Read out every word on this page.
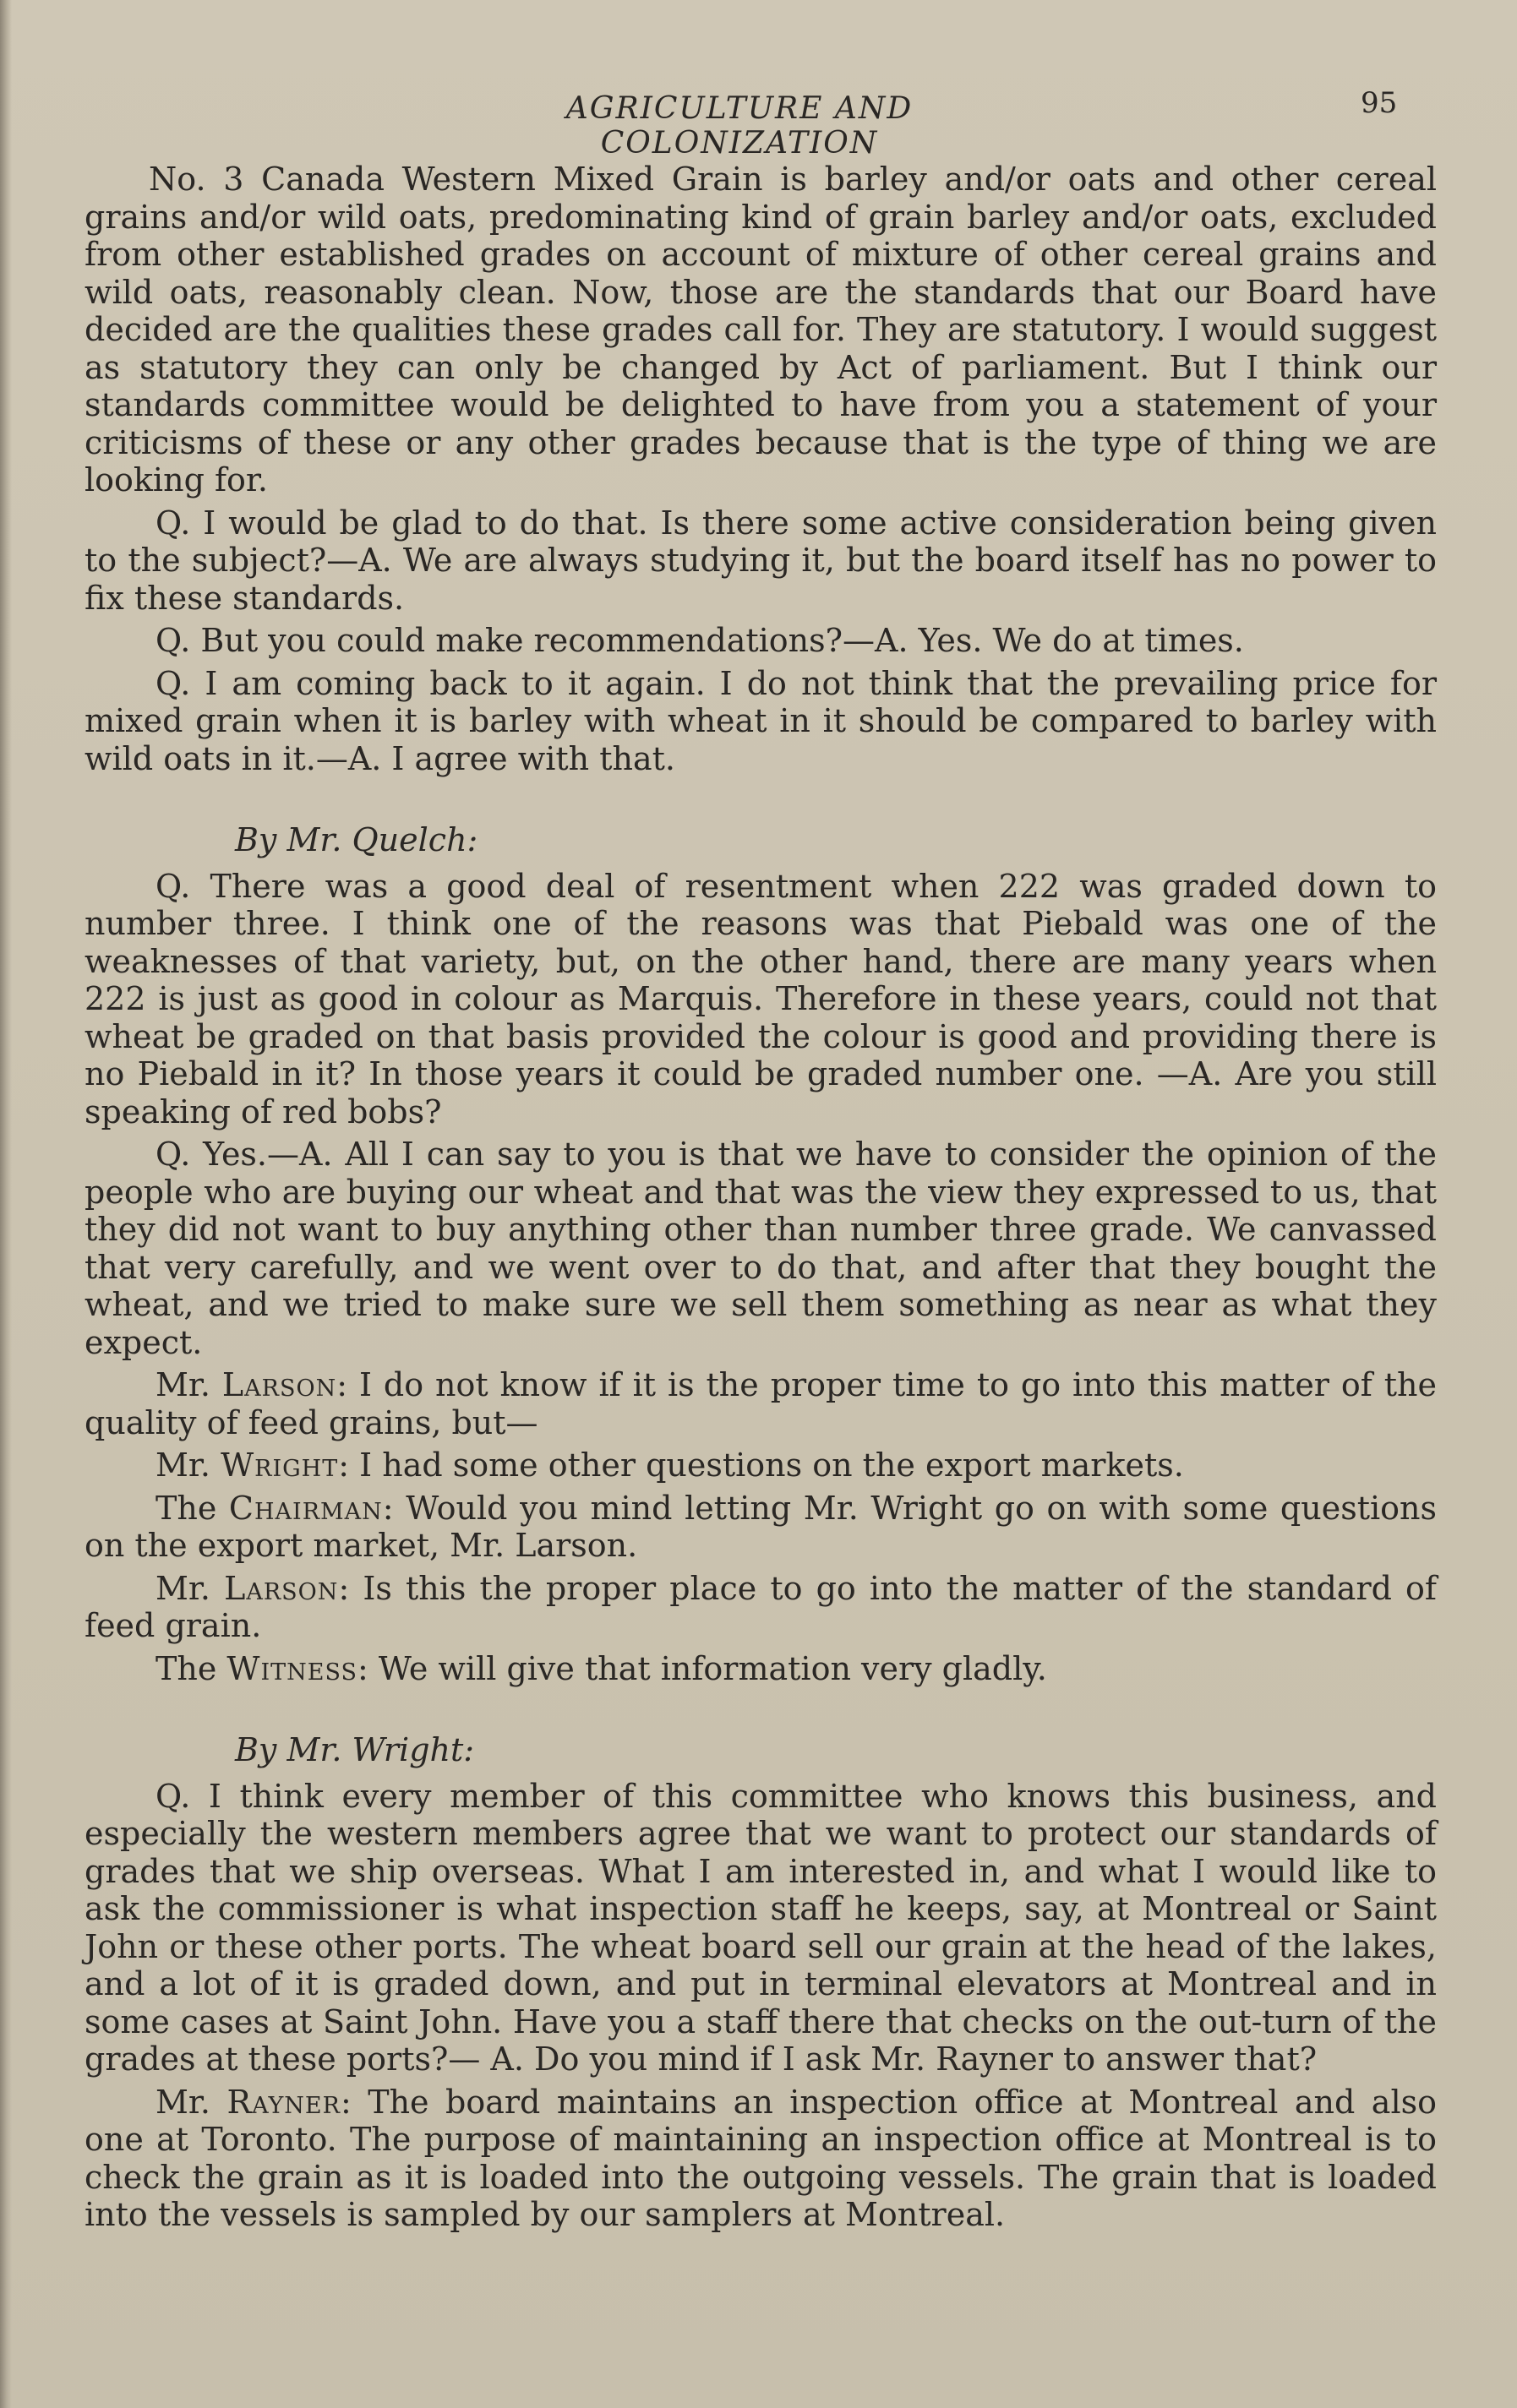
AGRICULTURE AND COLONIZATION
95

No. 3 Canada Western Mixed Grain is barley and/or oats and other cereal grains and/or wild oats, predominating kind of grain barley and/or oats, excluded from other established grades on account of mixture of other cereal grains and wild oats, reasonably clean. Now, those are the standards that our Board have decided are the qualities these grades call for. They are statutory. I would suggest as statutory they can only be changed by Act of parliament. But I think our standards committee would be delighted to have from you a statement of your criticisms of these or any other grades because that is the type of thing we are looking for.

Q. I would be glad to do that. Is there some active consideration being given to the subject?—A. We are always studying it, but the board itself has no power to fix these standards.

Q. But you could make recommendations?—A. Yes. We do at times.

Q. I am coming back to it again. I do not think that the prevailing price for mixed grain when it is barley with wheat in it should be compared to barley with wild oats in it.—A. I agree with that.

By Mr. Quelch:

Q. There was a good deal of resentment when 222 was graded down to number three. I think one of the reasons was that Piebald was one of the weaknesses of that variety, but, on the other hand, there are many years when 222 is just as good in colour as Marquis. Therefore in these years, could not that wheat be graded on that basis provided the colour is good and providing there is no Piebald in it? In those years it could be graded number one. —A. Are you still speaking of red bobs?

Q. Yes.—A. All I can say to you is that we have to consider the opinion of the people who are buying our wheat and that was the view they expressed to us, that they did not want to buy anything other than number three grade. We canvassed that very carefully, and we went over to do that, and after that they bought the wheat, and we tried to make sure we sell them something as near as what they expect.

Mr. Larson: I do not know if it is the proper time to go into this matter of the quality of feed grains, but—

Mr. Wright: I had some other questions on the export markets.

The Chairman: Would you mind letting Mr. Wright go on with some questions on the export market, Mr. Larson.

Mr. Larson: Is this the proper place to go into the matter of the standard of feed grain.

The Witness: We will give that information very gladly.

By Mr. Wright:

Q. I think every member of this committee who knows this business, and especially the western members agree that we want to protect our standards of grades that we ship overseas. What I am interested in, and what I would like to ask the commissioner is what inspection staff he keeps, say, at Montreal or Saint John or these other ports. The wheat board sell our grain at the head of the lakes, and a lot of it is graded down, and put in terminal elevators at Montreal and in some cases at Saint John. Have you a staff there that checks on the out-turn of the grades at these ports?— A. Do you mind if I ask Mr. Rayner to answer that?

Mr. Rayner: The board maintains an inspection office at Montreal and also one at Toronto. The purpose of maintaining an inspection office at Montreal is to check the grain as it is loaded into the outgoing vessels. The grain that is loaded into the vessels is sampled by our samplers at Montreal.
